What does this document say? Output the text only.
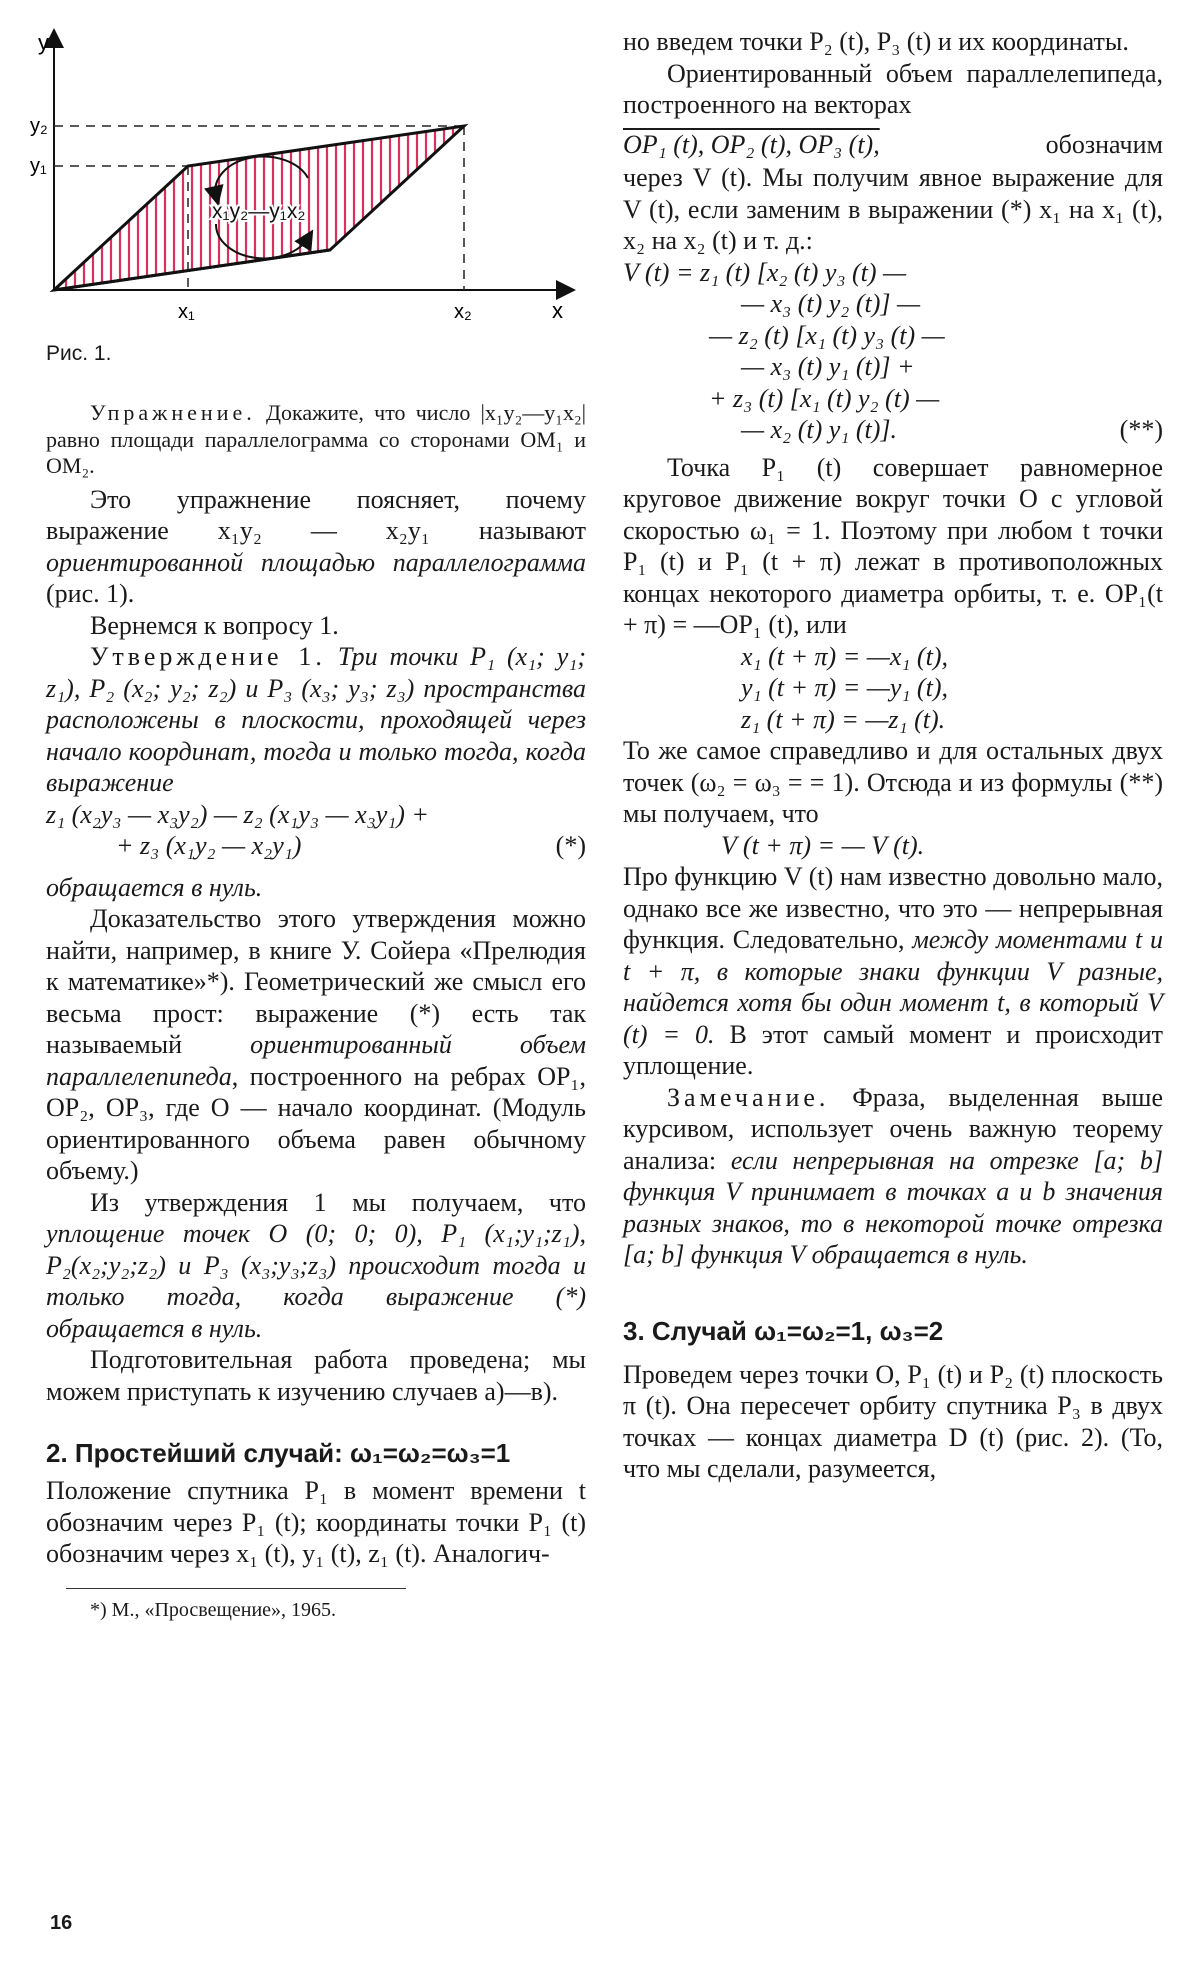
y
x
y₂
y₁
x₁	x₂
x₁y₂—y₁x₂
Рис. 1.

Упражнение. Докажите, что число |x₁y₂—y₁x₂| равно площади параллелограмма со сторонами OM₁ и OM₂.

Это упражнение поясняет, почему выражение x₁y₂ — x₂y₁ называют ориентированной площадью параллелограмма (рис. 1).

Вернемся к вопросу 1.

Утверждение 1. Три точки P₁ (x₁; y₁; z₁), P₂ (x₂; y₂; z₂) и P₃ (x₃; y₃; z₃) пространства расположены в плоскости, проходящей через начало координат, тогда и только тогда, когда выражение

z₁ (x₂y₃ — x₃y₂) — z₂ (x₁y₃ — x₃y₁) +
+ z₃ (x₁y₂ — x₂y₁)	(*)

обращается в нуль.

Доказательство этого утверждения можно найти, например, в книге У. Сойера «Прелюдия к математике»*). Геометрический же смысл его весьма прост: выражение (*) есть так называемый ориентированный объем параллелепипеда, построенного на ребрах OP₁, OP₂, OP₃, где O — начало координат. (Модуль ориентированного объема равен обычному объему.)

Из утверждения 1 мы получаем, что уплощение точек O (0; 0; 0), P₁ (x₁;y₁;z₁), P₂(x₂;y₂;z₂) и P₃ (x₃;y₃;z₃) происходит тогда и только тогда, когда выражение (*) обращается в нуль.

Подготовительная работа проведена; мы можем приступать к изучению случаев а)—в).

2. Простейший случай: ω₁=ω₂=ω₃=1

Положение спутника P₁ в момент времени t обозначим через P₁ (t); координаты точки P₁ (t) обозначим через x₁ (t), y₁ (t), z₁ (t). Аналогич-

*) М., «Просвещение», 1965.

но введем точки P₂ (t), P₃ (t) и их координаты.

Ориентированный объем параллелепипеда, построенного на векторах

OP₁ (t), OP₂ (t), OP₃ (t),	обозначим

через V (t). Мы получим явное выражение для V (t), если заменим в выражении (*) x₁ на x₁ (t), x₂ на x₂ (t) и т. д.:

V (t) = z₁ (t) [x₂ (t) y₃ (t) —
— x₃ (t) y₂ (t)] —
— z₂ (t) [x₁ (t) y₃ (t) —
— x₃ (t) y₁ (t)] +
+ z₃ (t) [x₁ (t) y₂ (t) —
— x₂ (t) y₁ (t)].	(**)

Точка P₁ (t) совершает равномерное круговое движение вокруг точки O с угловой скоростью ω₁ = 1. Поэтому при любом t точки P₁ (t) и P₁ (t + π) лежат в противоположных концах некоторого диаметра орбиты, т. е. OP₁(t + π) = —OP₁ (t), или

x₁ (t + π) = —x₁ (t),
y₁ (t + π) = —y₁ (t),
z₁ (t + π) = —z₁ (t).

То же самое справедливо и для остальных двух точек (ω₂ = ω₃ = = 1). Отсюда и из формулы (**) мы получаем, что

V (t + π) = — V (t).

Про функцию V (t) нам известно довольно мало, однако все же известно, что это — непрерывная функция. Следовательно, между моментами t и t + π, в которые знаки функции V разные, найдется хотя бы один момент t, в который V (t) = 0. В этот самый момент и происходит уплощение.

Замечание. Фраза, выделенная выше курсивом, использует очень важную теорему анализа: если непрерывная на отрезке [a; b] функция V принимает в точках a и b значения разных знаков, то в некоторой точке отрезка [a; b] функция V обращается в нуль.

3. Случай ω₁=ω₂=1, ω₃=2

Проведем через точки O, P₁ (t) и P₂ (t) плоскость π (t). Она пересечет орбиту спутника P₃ в двух точках — концах диаметра D (t) (рис. 2). (То, что мы сделали, разумеется,

16
